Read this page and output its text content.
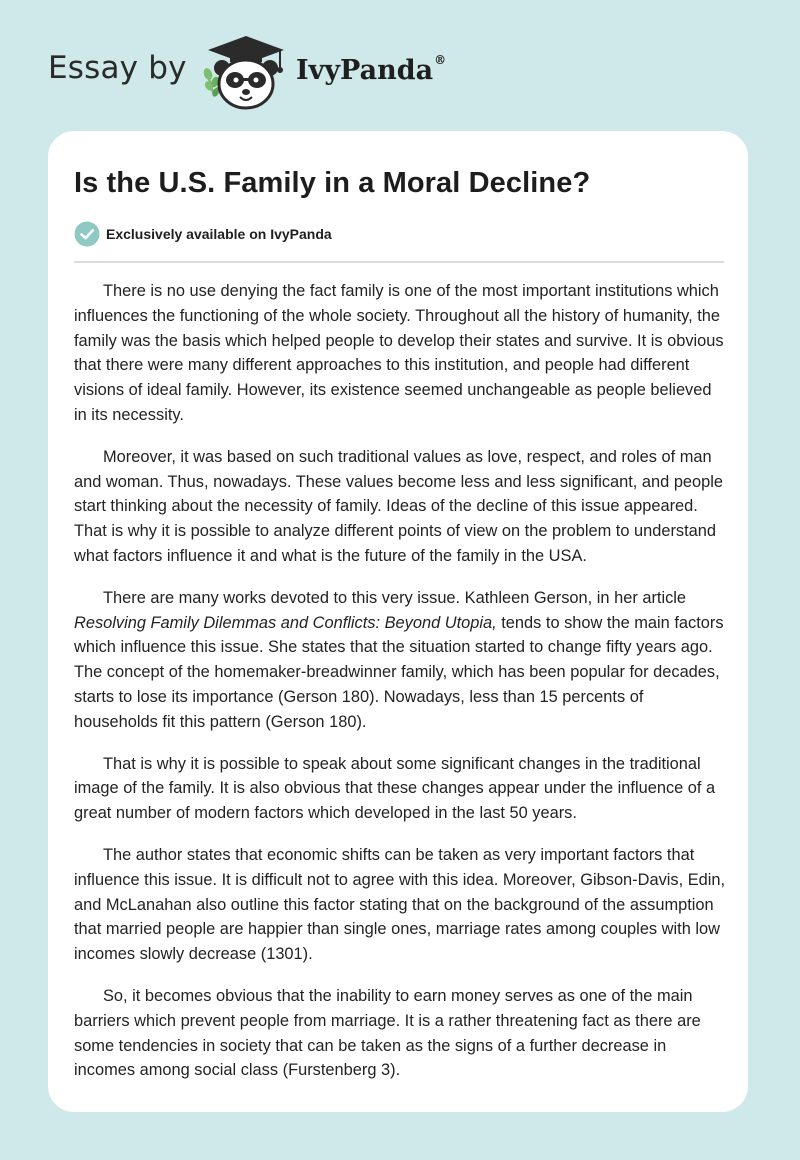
Essay by	IvyPanda®
Is the U.S. Family in a Moral Decline?
Exclusively available on IvyPanda

There is no use denying the fact family is one of the most important institutions which influences the functioning of the whole society. Throughout all the history of humanity, the family was the basis which helped people to develop their states and survive. It is obvious that there were many different approaches to this institution, and people had different visions of ideal family. However, its existence seemed unchangeable as people believed in its necessity.

Moreover, it was based on such traditional values as love, respect, and roles of man and woman. Thus, nowadays. These values become less and less significant, and people start thinking about the necessity of family. Ideas of the decline of this issue appeared. That is why it is possible to analyze different points of view on the problem to understand what factors influence it and what is the future of the family in the USA.

There are many works devoted to this very issue. Kathleen Gerson, in her article Resolving Family Dilemmas and Conflicts: Beyond Utopia, tends to show the main factors which influence this issue. She states that the situation started to change fifty years ago. The concept of the homemaker-breadwinner family, which has been popular for decades, starts to lose its importance (Gerson 180). Nowadays, less than 15 percents of households fit this pattern (Gerson 180).

That is why it is possible to speak about some significant changes in the traditional image of the family. It is also obvious that these changes appear under the influence of a great number of modern factors which developed in the last 50 years.

The author states that economic shifts can be taken as very important factors that influence this issue. It is difficult not to agree with this idea. Moreover, Gibson-Davis, Edin, and McLanahan also outline this factor stating that on the background of the assumption that married people are happier than single ones, marriage rates among couples with low incomes slowly decrease (1301).

So, it becomes obvious that the inability to earn money serves as one of the main barriers which prevent people from marriage. It is a rather threatening fact as there are some tendencies in society that can be taken as the signs of a further decrease in incomes among social class (Furstenberg 3).
